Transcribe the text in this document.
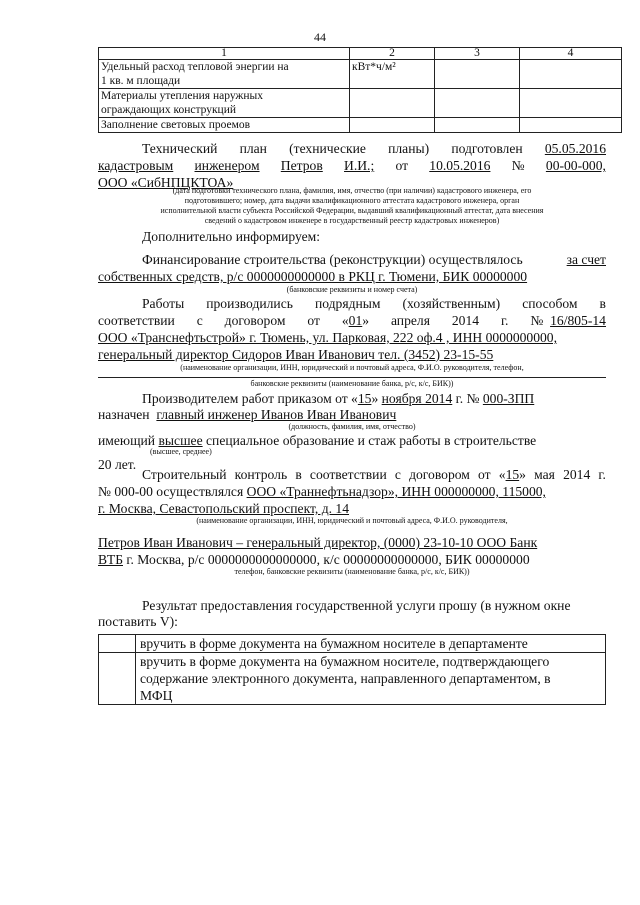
44
1	2	3	4

Удельный расход тепловой энергии на
1 кв. м площади	кВт*ч/м²		

Материалы утепления наружных
ограждающих конструкций			

Заполнение световых проемов			

Технический план (технические планы) подготовлен 05.05.2016
кадастровым инженером Петров И.И.; от 10.05.2016 № 00-00-000,
ООО «СибНПЦКТОА»
(дата подготовки технического плана, фамилия, имя, отчество (при наличии) кадастрового инженера, его
подготовившего; номер, дата выдачи квалификационного аттестата кадастрового инженера, орган
исполнительной власти субъекта Российской Федерации, выдавший квалификационный аттестат, дата внесения
сведений о кадастровом инженере в государственный реестр кадастровых инженеров)
Дополнительно информируем:
Финансирование строительства (реконструкции) осуществлялось	за счет
собственных средств, р/с 0000000000000 в РКЦ г. Тюмени, БИК 00000000
(банковские реквизиты и номер счета)
Работы производились подрядным (хозяйственным) способом в
соответствии с договором от «01» апреля 2014 г. № 16/805-14
ООО «Транснефтьстрой» г. Тюмень, ул. Парковая, 222 оф.4 , ИНН 0000000000,
генеральный директор Сидоров Иван Иванович тел. (3452) 23-15-55
(наименование организации, ИНН, юридический и почтовый адреса, Ф.И.О. руководителя, телефон,
банковские реквизиты (наименование банка, р/с, к/с, БИК))
Производителем работ приказом от «15» ноября 2014 г. № 000-ЗПП
назначен главный инженер Иванов Иван Иванович
(должность, фамилия, имя, отчество)
имеющий высшее специальное образование и стаж работы в строительстве
(высшее, среднее)
20 лет.
Строительный контроль в соответствии с договором от «15» мая 2014 г.
№ 000-00 осуществлялся ООО «Траннефтьнадзор», ИНН 000000000, 115000,
г. Москва, Севастопольский проспект, д. 14
(наименование организации, ИНН, юридический и почтовый адреса, Ф.И.О. руководителя,
Петров Иван Иванович – генеральный директор, (0000) 23-10-10 ООО Банк
ВТБ г. Москва, р/с 0000000000000000, к/с 00000000000000, БИК 00000000
телефон, банковские реквизиты (наименование банка, р/с, к/с, БИК))
Результат предоставления государственной услуги прошу (в нужном окне
поставить V):

	вручить в форме документа на бумажном носителе в департаменте

	вручить в форме документа на бумажном носителе, подтверждающего
содержание электронного документа, направленного департаментом, в
МФЦ
